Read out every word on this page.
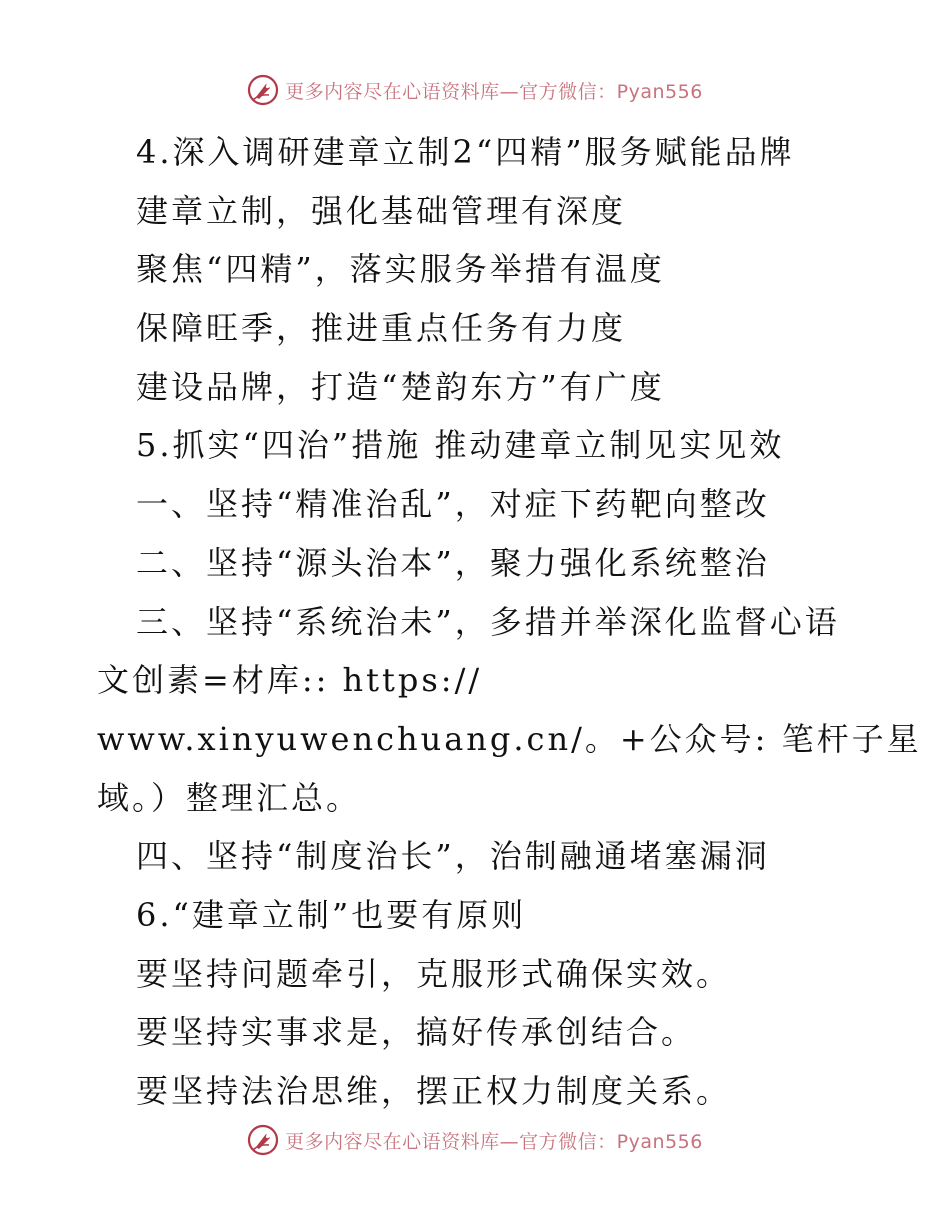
更多内容尽在心语资料库—官方微信：Pyan556
4.深入调研建章立制2“四精”服务赋能品牌
建章立制，强化基础管理有深度
聚焦“四精”，落实服务举措有温度
保障旺季，推进重点任务有力度
建设品牌，打造“楚韵东方”有广度
5.抓实“四治”措施 推动建章立制见实见效
一、坚持“精准治乱”，对症下药靶向整改
二、坚持“源头治本”，聚力强化系统整治
三、坚持“系统治未”，多措并举深化监督心语
文创素=材库:: https://
www.xinyuwenchuang.cn/。+公众号: 笔杆子星
域。）整理汇总。
四、坚持“制度治长”，治制融通堵塞漏洞
6.“建章立制”也要有原则
要坚持问题牵引，克服形式确保实效。
要坚持实事求是，搞好传承创结合。
要坚持法治思维，摆正权力制度关系。
更多内容尽在心语资料库—官方微信：Pyan556
